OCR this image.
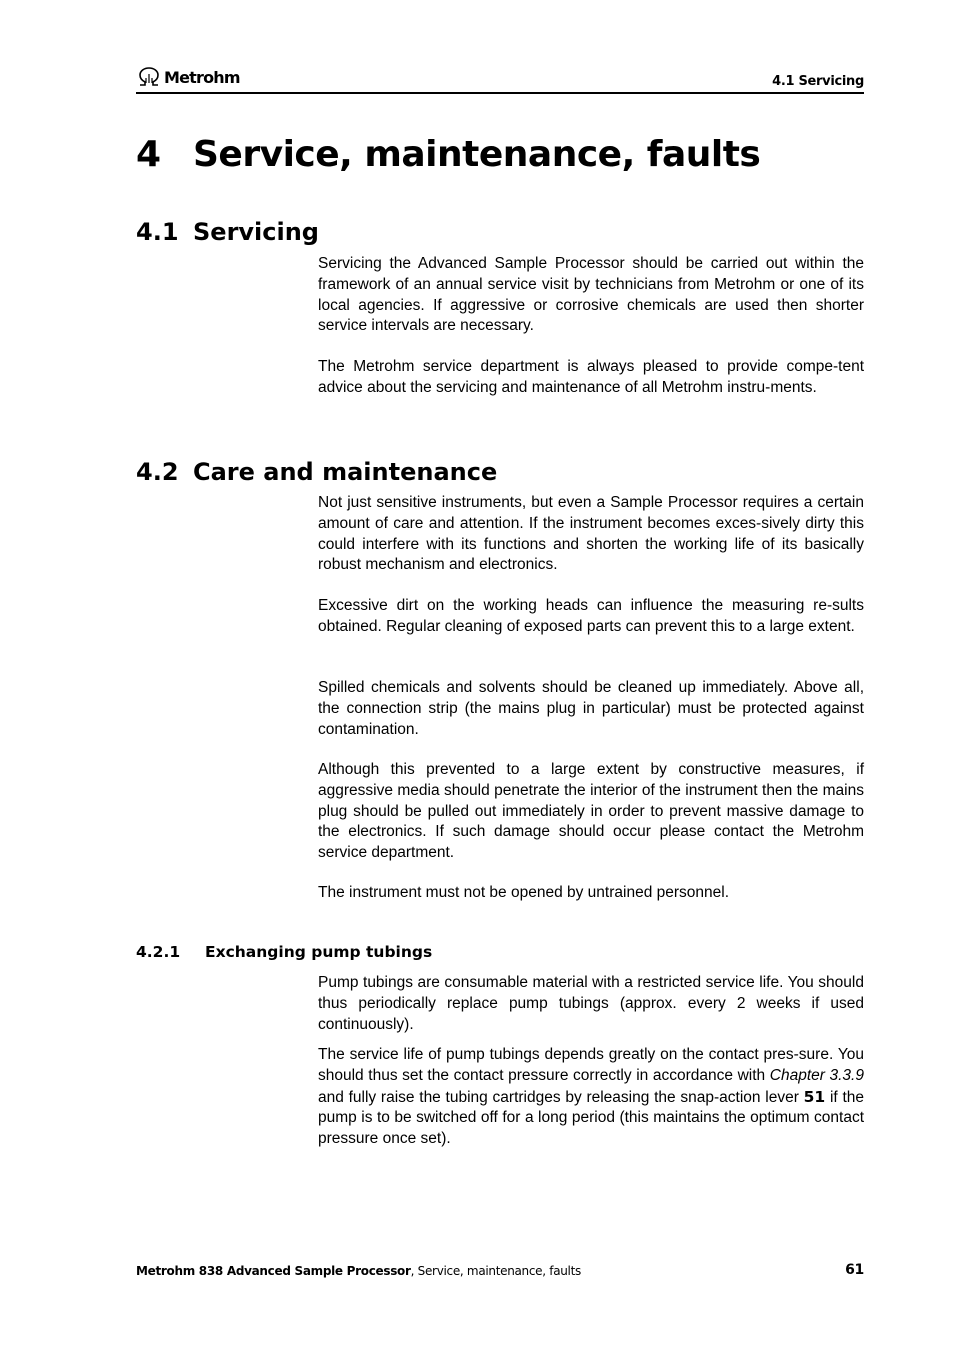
Metrohm	4.1 Servicing
4 Service, maintenance, faults
4.1 Servicing

Servicing the Advanced Sample Processor should be carried out within the framework of an annual service visit by technicians from Metrohm or one of its local agencies. If aggressive or corrosive chemicals are used then shorter service intervals are necessary.

The Metrohm service department is always pleased to provide compe-tent advice about the servicing and maintenance of all Metrohm instru-ments.

4.2 Care and maintenance

Not just sensitive instruments, but even a Sample Processor requires a certain amount of care and attention. If the instrument becomes exces-sively dirty this could interfere with its functions and shorten the working life of its basically robust mechanism and electronics.

Excessive dirt on the working heads can influence the measuring re-sults obtained. Regular cleaning of exposed parts can prevent this to a large extent.

Spilled chemicals and solvents should be cleaned up immediately. Above all, the connection strip (the mains plug in particular) must be protected against contamination.

Although this prevented to a large extent by constructive measures, if aggressive media should penetrate the interior of the instrument then the mains plug should be pulled out immediately in order to prevent massive damage to the electronics. If such damage should occur please contact the Metrohm service department.

The instrument must not be opened by untrained personnel.

4.2.1 Exchanging pump tubings

Pump tubings are consumable material with a restricted service life. You should thus periodically replace pump tubings (approx. every 2 weeks if used continuously).

The service life of pump tubings depends greatly on the contact pres-sure. You should thus set the contact pressure correctly in accordance with Chapter 3.3.9 and fully raise the tubing cartridges by releasing the snap-action lever 51 if the pump is to be switched off for a long period (this maintains the optimum contact pressure once set).

Metrohm 838 Advanced Sample Processor, Service, maintenance, faults	61
